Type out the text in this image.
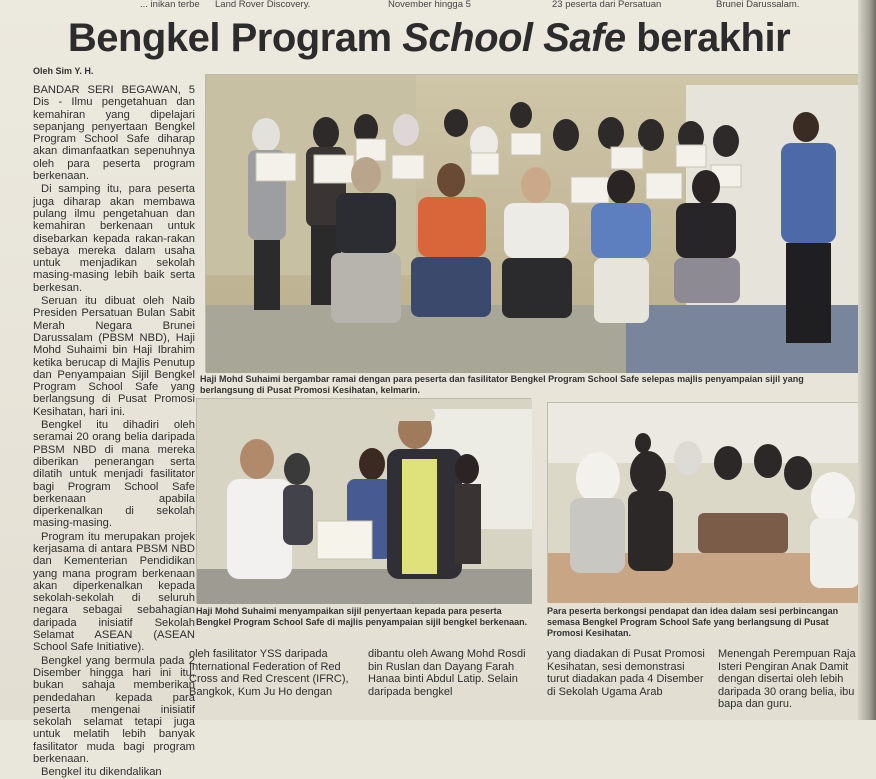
... inikan terbe Land Rover Discovery.	November hingga 5	23 peserta dari Persatuan	Brunei Darussalam.
Bengkel Program School Safe berakhir
Oleh Sim Y. H.

BANDAR SERI BEGAWAN, 5 Dis - Ilmu pengetahuan dan kemahiran yang dipelajari sepanjang penyertaan Bengkel Program School Safe diharap akan dimanfaatkan sepenuhnya oleh para peserta program berkenaan.

Di samping itu, para peserta juga diharap akan membawa pulang ilmu pengetahuan dan kemahiran berkenaan untuk disebarkan kepada rakan-rakan sebaya mereka dalam usaha untuk menjadikan sekolah masing-masing lebih baik serta berkesan.

Seruan itu dibuat oleh Naib Presiden Persatuan Bulan Sabit Merah Negara Brunei Darussalam (PBSM NBD), Haji Mohd Suhaimi bin Haji Ibrahim ketika berucap di Majlis Penutup dan Penyampaian Sijil Bengkel Program School Safe yang berlangsung di Pusat Promosi Kesihatan, hari ini.

Bengkel itu dihadiri oleh seramai 20 orang belia daripada PBSM NBD di mana mereka diberikan penerangan serta dilatih untuk menjadi fasilitator bagi Program School Safe berkenaan apabila diperkenalkan di sekolah masing-masing.

Program itu merupakan projek kerjasama di antara PBSM NBD dan Kementerian Pendidikan yang mana program berkenaan akan diperkenalkan kepada sekolah-sekolah di seluruh negara sebagai sebahagian daripada inisiatif Sekolah Selamat ASEAN (ASEAN School Safe Initiative).

Bengkel yang bermula pada 2 Disember hingga hari ini itu, bukan sahaja memberikan pendedahan kepada para peserta mengenai inisiatif sekolah selamat tetapi juga untuk melatih lebih banyak fasilitator muda bagi program berkenaan.

Bengkel itu dikendalikan

Haji Mohd Suhaimi bergambar ramai dengan para peserta dan fasilitator Bengkel Program School Safe selepas majlis penyampaian sijil yang berlangsung di Pusat Promosi Kesihatan, kelmarin.
Haji Mohd Suhaimi menyampaikan sijil penyertaan kepada para peserta Bengkel Program School Safe di majlis penyampaian sijil bengkel berkenaan.
Para peserta berkongsi pendapat dan idea dalam sesi perbincangan semasa Bengkel Program School Safe yang berlangsung di Pusat Promosi Kesihatan.
oleh fasilitator YSS daripada International Federation of Red Cross and Red Crescent (IFRC), Bangkok, Kum Ju Ho dengan
dibantu oleh Awang Mohd Rosdi bin Ruslan dan Dayang Farah Hanaa binti Abdul Latip. Selain daripada bengkel
yang diadakan di Pusat Promosi Kesihatan, sesi demonstrasi turut diadakan pada 4 Disember di Sekolah Ugama Arab
Menengah Perempuan Raja Isteri Pengiran Anak Damit dengan disertai oleh lebih daripada 30 orang belia, ibu bapa dan guru.
